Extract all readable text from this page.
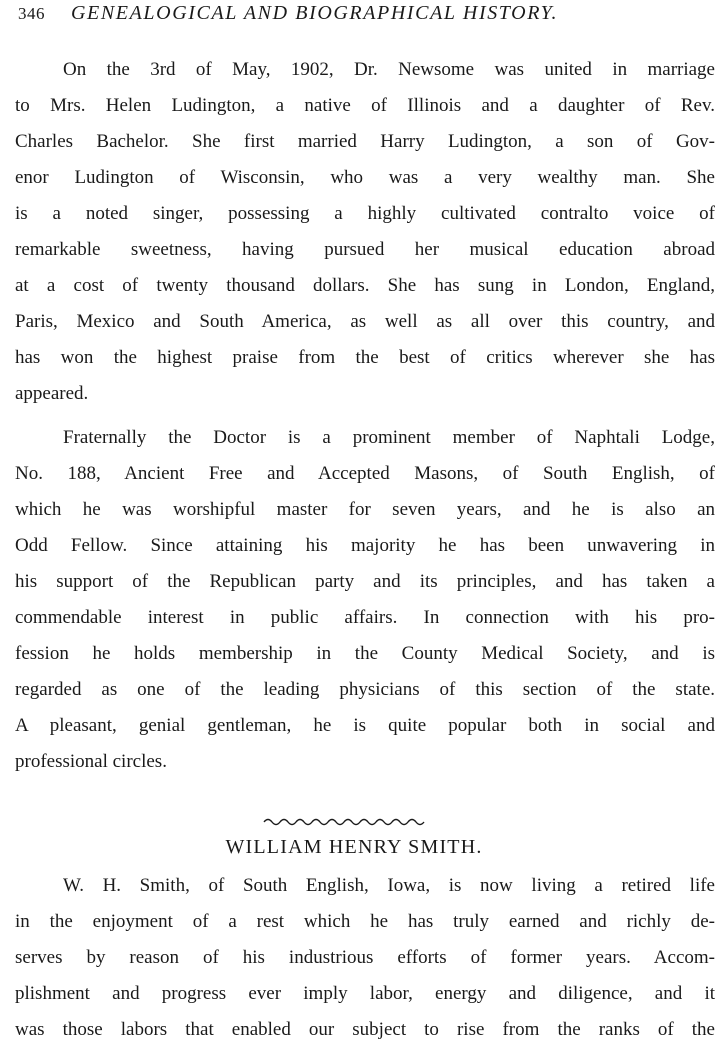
346 GENEALOGICAL AND BIOGRAPHICAL HISTORY.
On the 3rd of May, 1902, Dr. Newsome was united in marriage
to Mrs. Helen Ludington, a native of Illinois and a daughter of Rev.
Charles Bachelor. She first married Harry Ludington, a son of Gov-
enor Ludington of Wisconsin, who was a very wealthy man. She
is a noted singer, possessing a highly cultivated contralto voice of
remarkable sweetness, having pursued her musical education abroad
at a cost of twenty thousand dollars. She has sung in London, England,
Paris, Mexico and South America, as well as all over this country, and
has won the highest praise from the best of critics wherever she has
appeared.
Fraternally the Doctor is a prominent member of Naphtali Lodge,
No. 188, Ancient Free and Accepted Masons, of South English, of
which he was worshipful master for seven years, and he is also an
Odd Fellow. Since attaining his majority he has been unwavering in
his support of the Republican party and its principles, and has taken a
commendable interest in public affairs. In connection with his pro-
fession he holds membership in the County Medical Society, and is
regarded as one of the leading physicians of this section of the state.
A pleasant, genial gentleman, he is quite popular both in social and
professional circles.
WILLIAM HENRY SMITH.
W. H. Smith, of South English, Iowa, is now living a retired life
in the enjoyment of a rest which he has truly earned and richly de-
serves by reason of his industrious efforts of former years. Accom-
plishment and progress ever imply labor, energy and diligence, and it
was those labors that enabled our subject to rise from the ranks of the
